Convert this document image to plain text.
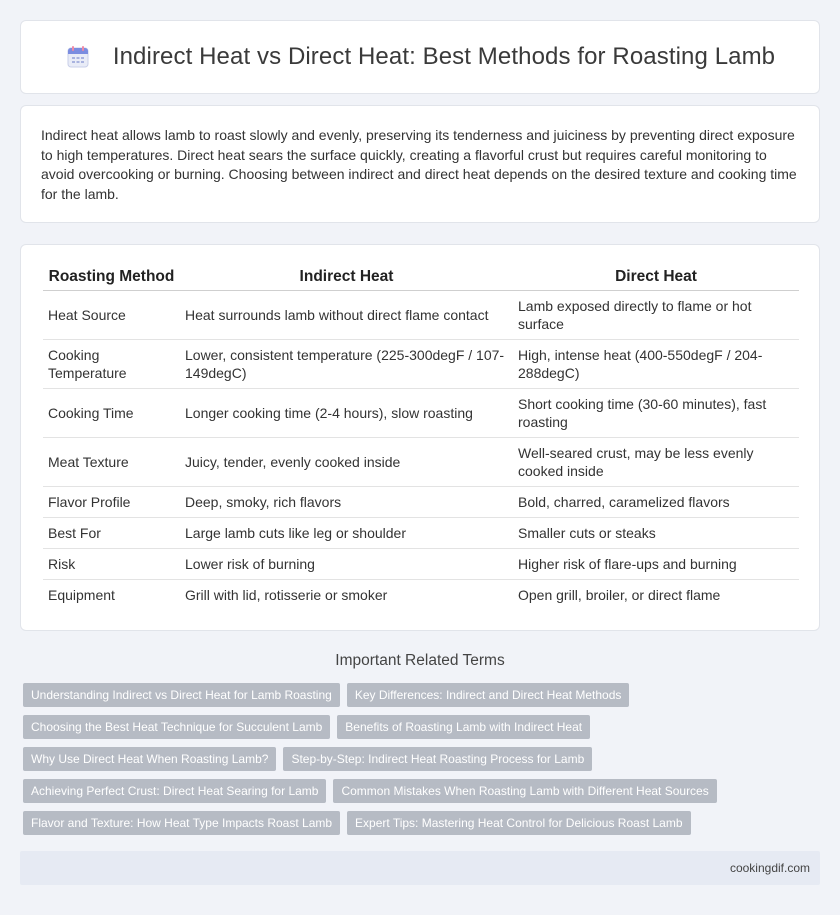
Indirect Heat vs Direct Heat: Best Methods for Roasting Lamb

Indirect heat allows lamb to roast slowly and evenly, preserving its tenderness and juiciness by preventing direct exposure to high temperatures. Direct heat sears the surface quickly, creating a flavorful crust but requires careful monitoring to avoid overcooking or burning. Choosing between indirect and direct heat depends on the desired texture and cooking time for the lamb.

Roasting Method	Indirect Heat	Direct Heat
Heat Source	Heat surrounds lamb without direct flame contact	Lamb exposed directly to flame or hot surface
Cooking Temperature	Lower, consistent temperature (225-300degF / 107-149degC)	High, intense heat (400-550degF / 204-288degC)
Cooking Time	Longer cooking time (2-4 hours), slow roasting	Short cooking time (30-60 minutes), fast roasting
Meat Texture	Juicy, tender, evenly cooked inside	Well-seared crust, may be less evenly cooked inside
Flavor Profile	Deep, smoky, rich flavors	Bold, charred, caramelized flavors
Best For	Large lamb cuts like leg or shoulder	Smaller cuts or steaks
Risk	Lower risk of burning	Higher risk of flare-ups and burning
Equipment	Grill with lid, rotisserie or smoker	Open grill, broiler, or direct flame
Important Related Terms
Understanding Indirect vs Direct Heat for Lamb Roasting	Key Differences: Indirect and Direct Heat Methods
Choosing the Best Heat Technique for Succulent Lamb	Benefits of Roasting Lamb with Indirect Heat
Why Use Direct Heat When Roasting Lamb?	Step-by-Step: Indirect Heat Roasting Process for Lamb
Achieving Perfect Crust: Direct Heat Searing for Lamb	Common Mistakes When Roasting Lamb with Different Heat Sources
Flavor and Texture: How Heat Type Impacts Roast Lamb	Expert Tips: Mastering Heat Control for Delicious Roast Lamb
cookingdif.com
